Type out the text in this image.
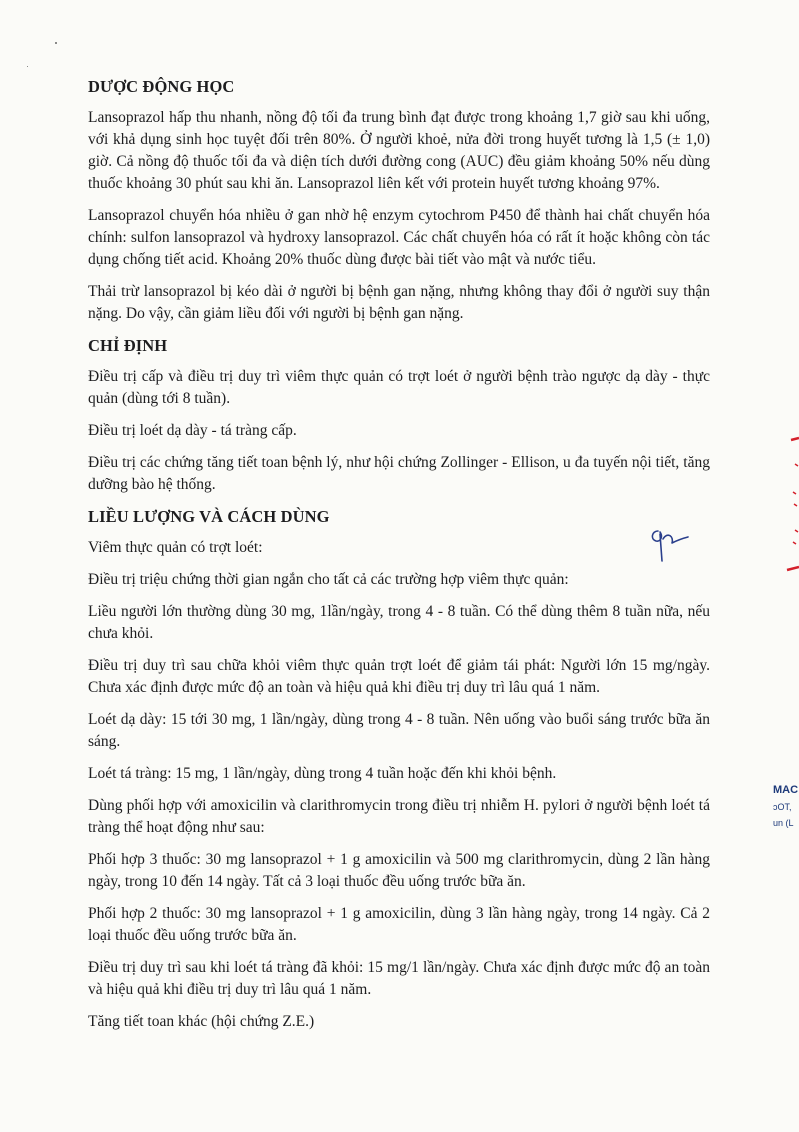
DƯỢC ĐỘNG HỌC

Lansoprazol hấp thu nhanh, nồng độ tối đa trung bình đạt được trong khoảng 1,7 giờ sau khi uống, với khả dụng sinh học tuyệt đối trên 80%. Ở người khoẻ, nửa đời trong huyết tương là 1,5 (± 1,0) giờ. Cả nồng độ thuốc tối đa và diện tích dưới đường cong (AUC) đều giảm khoảng 50% nếu dùng thuốc khoảng 30 phút sau khi ăn. Lansoprazol liên kết với protein huyết tương khoảng 97%.

Lansoprazol chuyển hóa nhiều ở gan nhờ hệ enzym cytochrom P450 để thành hai chất chuyển hóa chính: sulfon lansoprazol và hydroxy lansoprazol. Các chất chuyển hóa có rất ít hoặc không còn tác dụng chống tiết acid. Khoảng 20% thuốc dùng được bài tiết vào mật và nước tiểu.

Thải trừ lansoprazol bị kéo dài ở người bị bệnh gan nặng, nhưng không thay đổi ở người suy thận nặng. Do vậy, cần giảm liều đối với người bị bệnh gan nặng.

CHỈ ĐỊNH

Điều trị cấp và điều trị duy trì viêm thực quản có trợt loét ở người bệnh trào ngược dạ dày - thực quản (dùng tới 8 tuần).

Điều trị loét dạ dày - tá tràng cấp.

Điều trị các chứng tăng tiết toan bệnh lý, như hội chứng Zollinger - Ellison, u đa tuyến nội tiết, tăng dưỡng bào hệ thống.

LIỀU LƯỢNG VÀ CÁCH DÙNG

Viêm thực quản có trợt loét:

Điều trị triệu chứng thời gian ngắn cho tất cả các trường hợp viêm thực quản:

Liều người lớn thường dùng 30 mg, 1lần/ngày, trong 4 - 8 tuần. Có thể dùng thêm 8 tuần nữa, nếu chưa khỏi.

Điều trị duy trì sau chữa khỏi viêm thực quản trợt loét để giảm tái phát: Người lớn 15 mg/ngày. Chưa xác định được mức độ an toàn và hiệu quả khi điều trị duy trì lâu quá 1 năm.

Loét dạ dày: 15 tới 30 mg, 1 lần/ngày, dùng trong 4 - 8 tuần. Nên uống vào buổi sáng trước bữa ăn sáng.

Loét tá tràng: 15 mg, 1 lần/ngày, dùng trong 4 tuần hoặc đến khi khỏi bệnh.

Dùng phối hợp với amoxicilin và clarithromycin trong điều trị nhiễm H. pylori ở người bệnh loét tá tràng thể hoạt động như sau:

Phối hợp 3 thuốc: 30 mg lansoprazol + 1 g amoxicilin và 500 mg clarithromycin, dùng 2 lần hàng ngày, trong 10 đến 14 ngày. Tất cả 3 loại thuốc đều uống trước bữa ăn.

Phối hợp 2 thuốc: 30 mg lansoprazol + 1 g amoxicilin, dùng 3 lần hàng ngày, trong 14 ngày. Cả 2 loại thuốc đều uống trước bữa ăn.

Điều trị duy trì sau khi loét tá tràng đã khỏi: 15 mg/1 lần/ngày. Chưa xác định được mức độ an toàn và hiệu quả khi điều trị duy trì lâu quá 1 năm.

Tăng tiết toan khác (hội chứng Z.E.)

MAC
ɔOT,
un (L
